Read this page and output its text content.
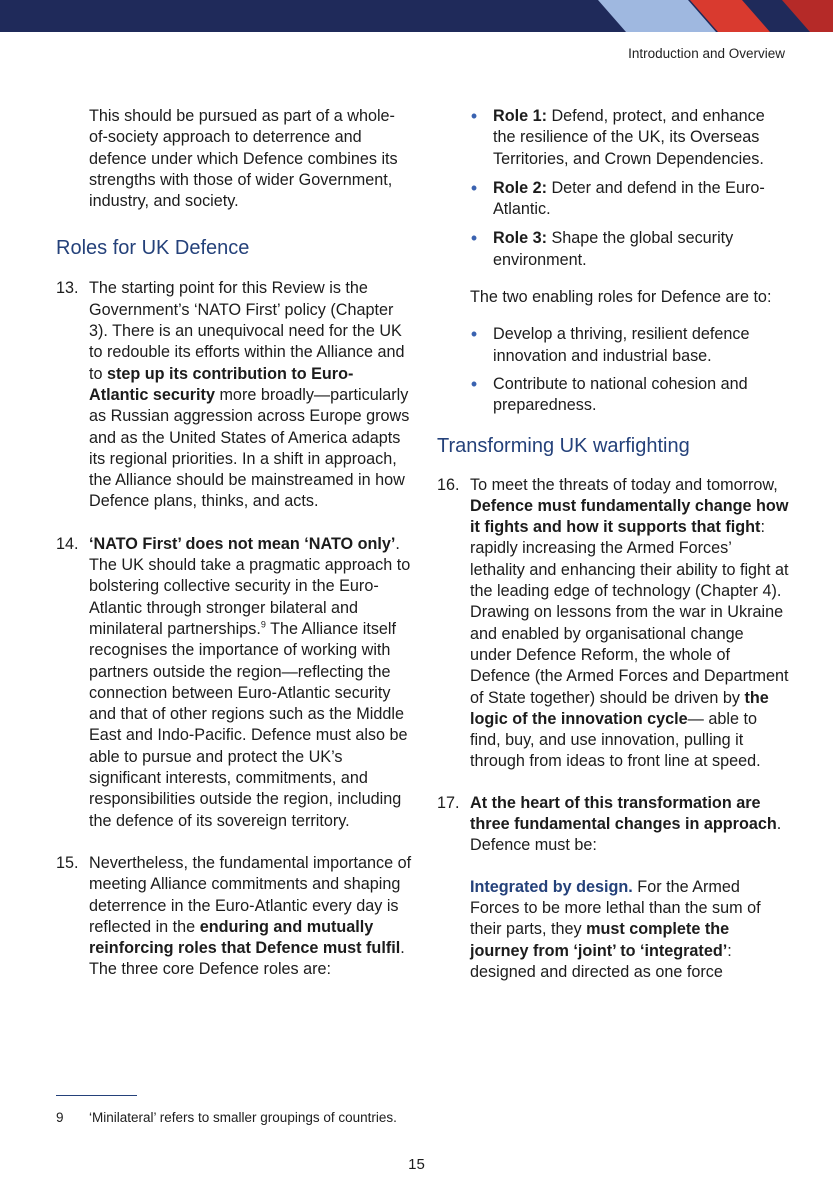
Introduction and Overview

This should be pursued as part of a whole-of-society approach to deterrence and defence under which Defence combines its strengths with those of wider Government, industry, and society.

Roles for UK Defence
13. The starting point for this Review is the Government’s ‘NATO First’ policy (Chapter 3). There is an unequivocal need for the UK to redouble its efforts within the Alliance and to step up its contribution to Euro-Atlantic security more broadly—particularly as Russian aggression across Europe grows and as the United States of America adapts its regional priorities. In a shift in approach, the Alliance should be mainstreamed in how Defence plans, thinks, and acts.

14. ‘NATO First’ does not mean ‘NATO only’. The UK should take a pragmatic approach to bolstering collective security in the Euro-Atlantic through stronger bilateral and minilateral partnerships.$^9$ The Alliance itself recognises the importance of working with partners outside the region—reflecting the connection between Euro-Atlantic security and that of other regions such as the Middle East and Indo-Pacific. Defence must also be able to pursue and protect the UK’s significant interests, commitments, and responsibilities outside the region, including the defence of its sovereign territory.

15. Nevertheless, the fundamental importance of meeting Alliance commitments and shaping deterrence in the Euro-Atlantic every day is reflected in the enduring and mutually reinforcing roles that Defence must fulfil. The three core Defence roles are:

• Role 1: Defend, protect, and enhance the resilience of the UK, its Overseas Territories, and Crown Dependencies.
• Role 2: Deter and defend in the Euro-Atlantic.
• Role 3: Shape the global security environment.

The two enabling roles for Defence are to:

• Develop a thriving, resilient defence innovation and industrial base.
• Contribute to national cohesion and preparedness.
Transforming UK warfighting
16. To meet the threats of today and tomorrow, Defence must fundamentally change how it fights and how it supports that fight: rapidly increasing the Armed Forces’ lethality and enhancing their ability to fight at the leading edge of technology (Chapter 4). Drawing on lessons from the war in Ukraine and enabled by organisational change under Defence Reform, the whole of Defence (the Armed Forces and Department of State together) should be driven by the logic of the innovation cycle— able to find, buy, and use innovation, pulling it through from ideas to front line at speed.

17. At the heart of this transformation are three fundamental changes in approach. Defence must be:

Integrated by design. For the Armed Forces to be more lethal than the sum of their parts, they must complete the journey from ‘joint’ to ‘integrated’: designed and directed as one force

9	‘Minilateral’ refers to smaller groupings of countries.
15
